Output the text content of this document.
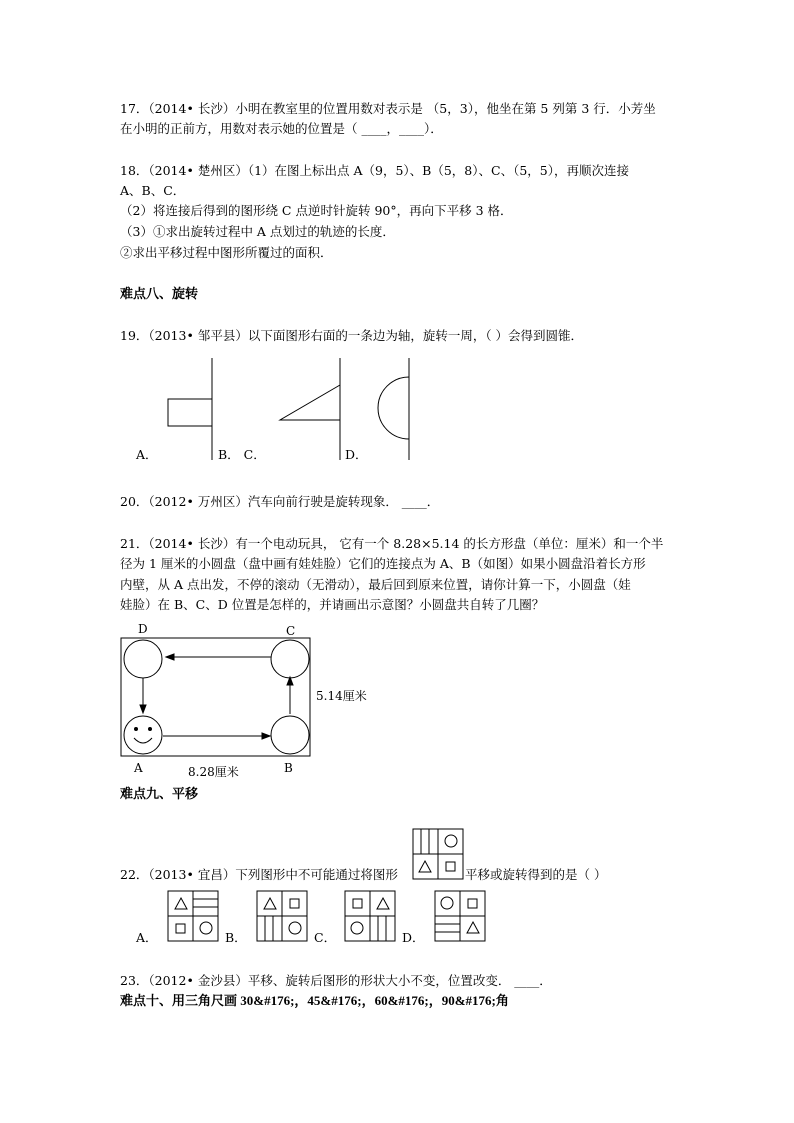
17．（2014• 长沙）小明在教室里的位置用数对表示是 （5，3），他坐在第 5 列第 3 行．小芳坐
在小明的正前方，用数对表示她的位置是（ ____，____）．
18．（2014• 楚州区）（1）在图上标出点 A（9，5）、B（5，8）、C、（5，5），再顺次连接
A、B、C．
（2）将连接后得到的图形绕 C 点逆时针旋转 90°，再向下平移 3 格．
（3）①求出旋转过程中 A 点划过的轨迹的长度．
②求出平移过程中图形所覆过的面积．
难点八、旋转
19．（2013• 邹平县）以下面图形右面的一条边为轴，旋转一周，（ ）会得到圆锥．
A．	B． C．	D．
20．（2012• 万州区）汽车向前行驶是旋转现象． ____．
21．（2014• 长沙）有一个电动玩具， 它有一个 8.28×5.14 的长方形盘（单位：厘米）和一个半
径为 1 厘米的小圆盘（盘中画有娃娃脸）它们的连接点为 A、B（如图）如果小圆盘沿着长方形
内壁，从 A 点出发，不停的滚动（无滑动），最后回到原来位置，请你计算一下，小圆盘（娃
娃脸）在 B、C、D 位置是怎样的，并请画出示意图？小圆盘共自转了几圈？
D	C
A	B
5.14厘米
8.28厘米
难点九、平移
22．（2013• 宜昌）下列图形中不可能通过将图形	平移或旋转得到的是（ ）
A．	B．	C．	D．
23．（2012• 金沙县）平移、旋转后图形的形状大小不变，位置改变． ____．
难点十、用三角尺画 30&#176;，45&#176;，60&#176;，90&#176;角
